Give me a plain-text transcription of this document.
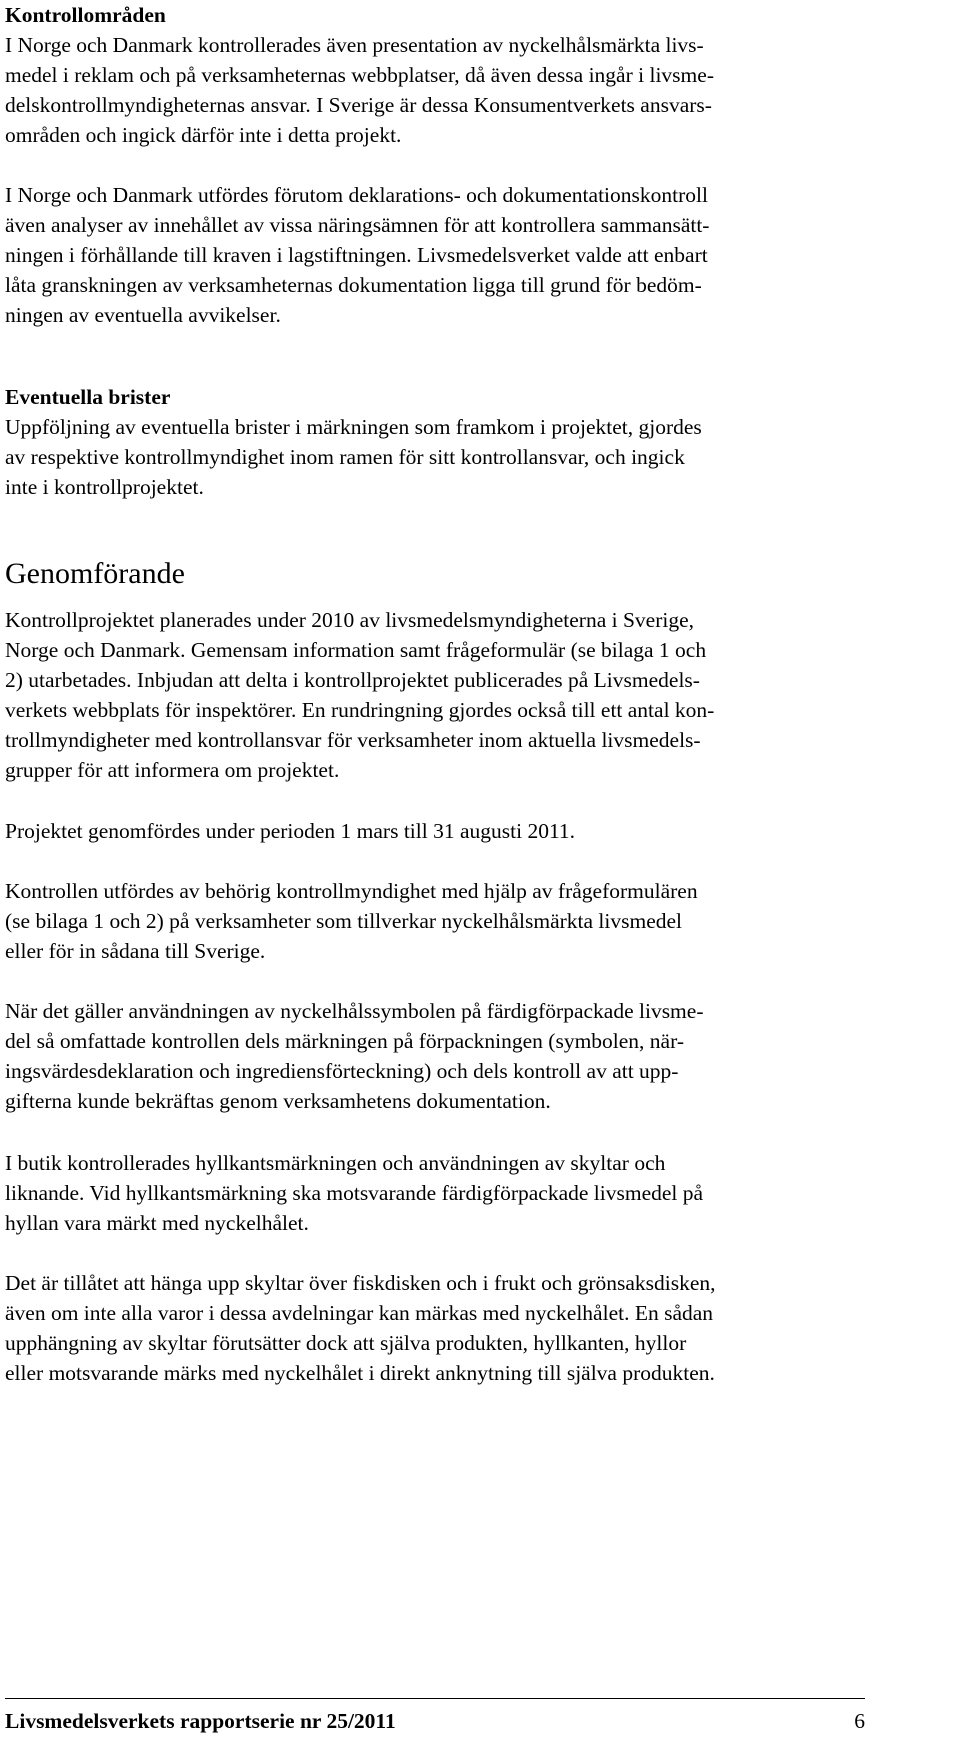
Kontrollområden
I Norge och Danmark kontrollerades även presentation av nyckelhålsmärkta livs-
medel i reklam och på verksamheternas webbplatser, då även dessa ingår i livsme-
delskontrollmyndigheternas ansvar. I Sverige är dessa Konsumentverkets ansvars-
områden och ingick därför inte i detta projekt.

I Norge och Danmark utfördes förutom deklarations- och dokumentationskontroll
även analyser av innehållet av vissa näringsämnen för att kontrollera sammansätt-
ningen i förhållande till kraven i lagstiftningen. Livsmedelsverket valde att enbart
låta granskningen av verksamheternas dokumentation ligga till grund för bedöm-
ningen av eventuella avvikelser.

Eventuella brister
Uppföljning av eventuella brister i märkningen som framkom i projektet, gjordes
av respektive kontrollmyndighet inom ramen för sitt kontrollansvar, och ingick
inte i kontrollprojektet.

Genomförande

Kontrollprojektet planerades under 2010 av livsmedelsmyndigheterna i Sverige,
Norge och Danmark. Gemensam information samt frågeformulär (se bilaga 1 och
2) utarbetades. Inbjudan att delta i kontrollprojektet publicerades på Livsmedels-
verkets webbplats för inspektörer. En rundringning gjordes också till ett antal kon-
trollmyndigheter med kontrollansvar för verksamheter inom aktuella livsmedels-
grupper för att informera om projektet.

Projektet genomfördes under perioden 1 mars till 31 augusti 2011.

Kontrollen utfördes av behörig kontrollmyndighet med hjälp av frågeformulären
(se bilaga 1 och 2) på verksamheter som tillverkar nyckelhålsmärkta livsmedel
eller för in sådana till Sverige.

När det gäller användningen av nyckelhålssymbolen på färdigförpackade livsme-
del så omfattade kontrollen dels märkningen på förpackningen (symbolen, när-
ingsvärdesdeklaration och ingrediensförteckning) och dels kontroll av att upp-
gifterna kunde bekräftas genom verksamhetens dokumentation.

I butik kontrollerades hyllkantsmärkningen och användningen av skyltar och
liknande. Vid hyllkantsmärkning ska motsvarande färdigförpackade livsmedel på
hyllan vara märkt med nyckelhålet.

Det är tillåtet att hänga upp skyltar över fiskdisken och i frukt och grönsaksdisken,
även om inte alla varor i dessa avdelningar kan märkas med nyckelhålet. En sådan
upphängning av skyltar förutsätter dock att själva produkten, hyllkanten, hyllor
eller motsvarande märks med nyckelhålet i direkt anknytning till själva produkten.

Livsmedelsverkets rapportserie nr 25/2011	6
